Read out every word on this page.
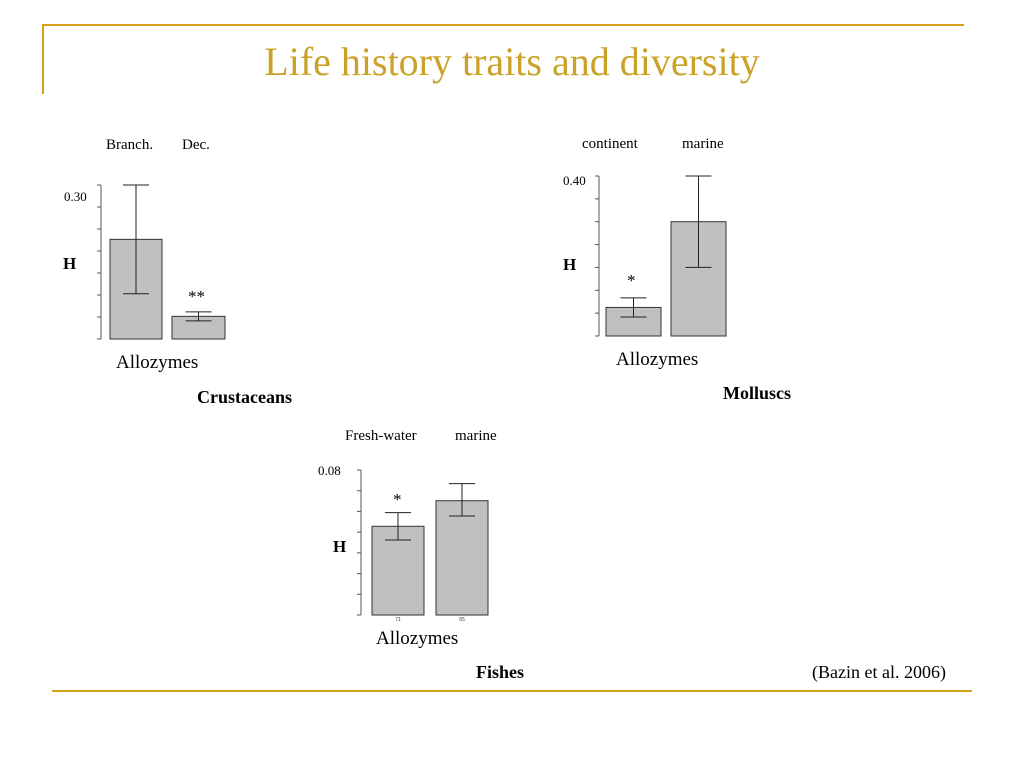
Life history traits and diversity
Branch. Dec.
0.30
H
**
Allozymes
Crustaceans
continent	marine
0.40
H
*
Allozymes
Molluscs
Fresh-water	marine
0.08
H
*
Allozymes
Fishes	(Bazin et al. 2006)
71	65
